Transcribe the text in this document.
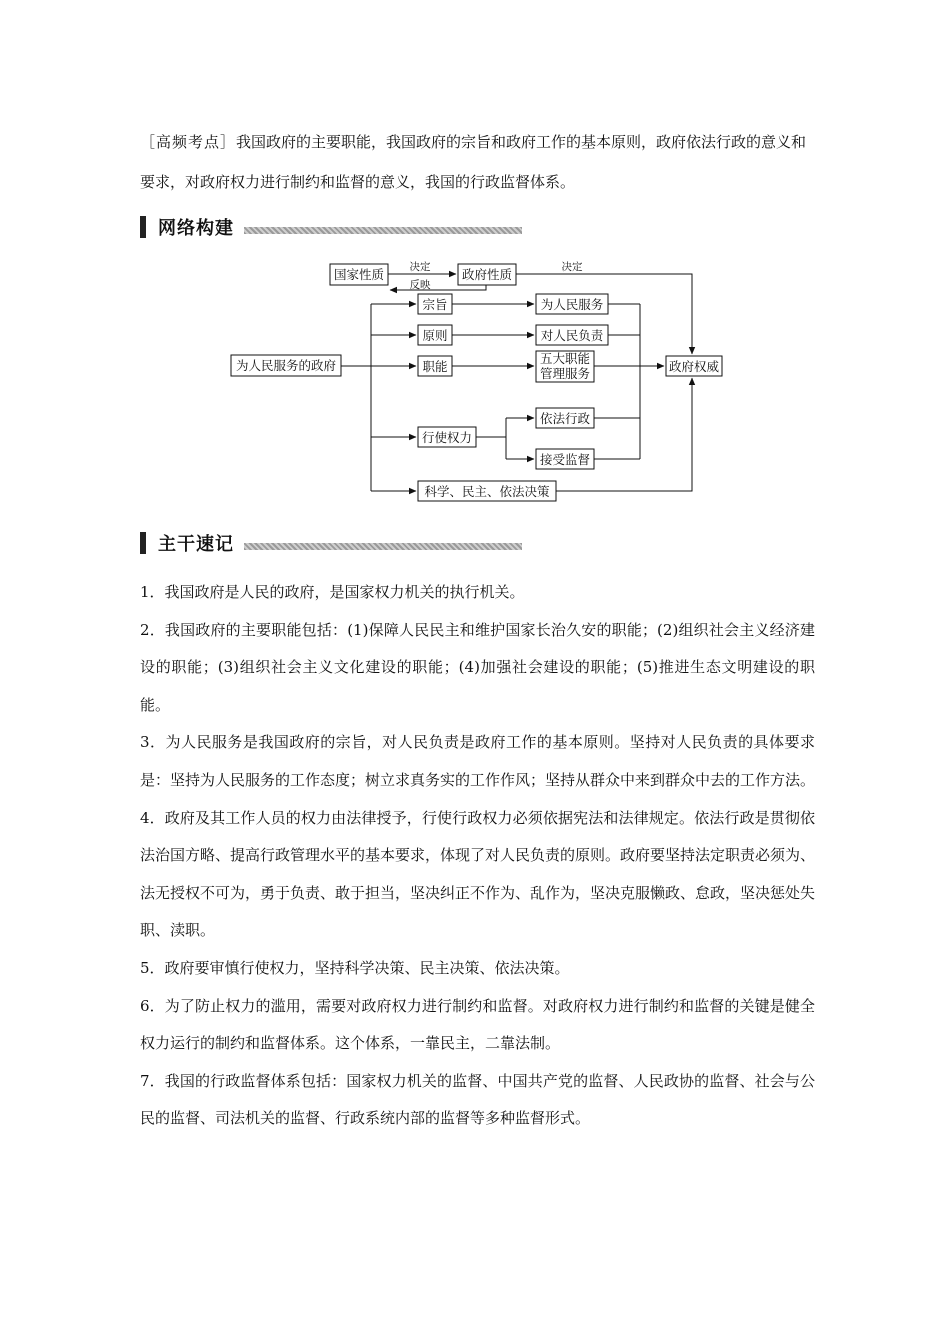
［高频考点］我国政府的主要职能，我国政府的宗旨和政府工作的基本原则，政府依法行政的意义和要求，对政府权力进行制约和监督的意义，我国的行政监督体系。
网络构建
国家性质	政府性质
为人民服务的政府
宗旨
原则
职能
行使权力
科学、民主、依法决策
为人民服务
对人民负责
五大职能
管理服务
依法行政
接受监督
政府权威
决定
反映
决定
主干速记

1．我国政府是人民的政府，是国家权力机关的执行机关。

2．我国政府的主要职能包括：(1)保障人民民主和维护国家长治久安的职能；(2)组织社会主义经济建设的职能；(3)组织社会主义文化建设的职能；(4)加强社会建设的职能；(5)推进生态文明建设的职能。

3．为人民服务是我国政府的宗旨，对人民负责是政府工作的基本原则。坚持对人民负责的具体要求是：坚持为人民服务的工作态度；树立求真务实的工作作风；坚持从群众中来到群众中去的工作方法。

4．政府及其工作人员的权力由法律授予，行使行政权力必须依据宪法和法律规定。依法行政是贯彻依法治国方略、提高行政管理水平的基本要求，体现了对人民负责的原则。政府要坚持法定职责必须为、法无授权不可为，勇于负责、敢于担当，坚决纠正不作为、乱作为，坚决克服懒政、怠政，坚决惩处失职、渎职。

5．政府要审慎行使权力，坚持科学决策、民主决策、依法决策。

6．为了防止权力的滥用，需要对政府权力进行制约和监督。对政府权力进行制约和监督的关键是健全权力运行的制约和监督体系。这个体系，一靠民主，二靠法制。

7．我国的行政监督体系包括：国家权力机关的监督、中国共产党的监督、人民政协的监督、社会与公民的监督、司法机关的监督、行政系统内部的监督等多种监督形式。
